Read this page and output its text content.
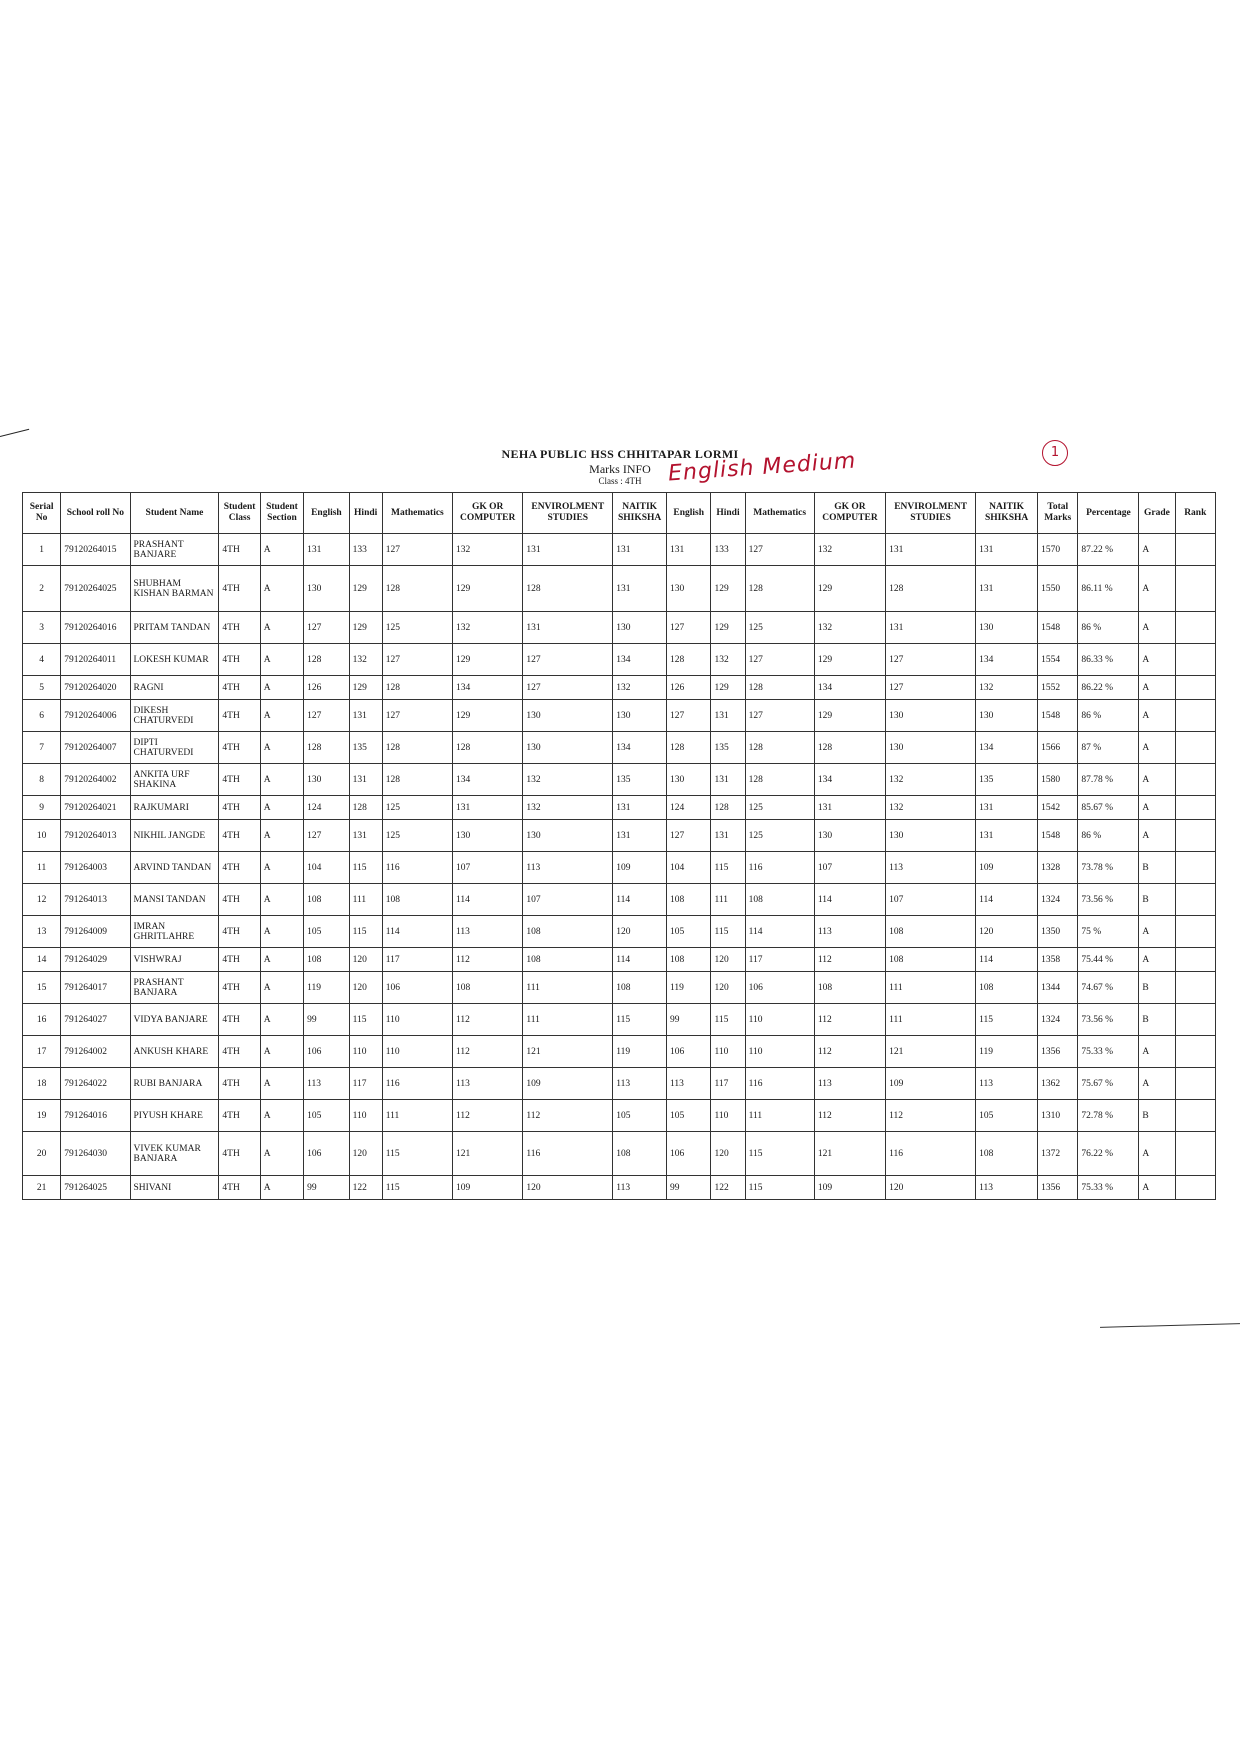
NEHA PUBLIC HSS CHHITAPAR LORMI
Marks INFO
Class : 4TH	English Medium	1
Serial No	School roll No	Student Name	Student Class	Student Section	English	Hindi	Mathematics	GK OR COMPUTER	ENVIROLMENT STUDIES	NAITIK SHIKSHA	English	Hindi	Mathematics	GK OR COMPUTER	ENVIROLMENT STUDIES	NAITIK SHIKSHA	Total Marks	Percentage	Grade	Rank
1	79120264015	PRASHANT BANJARE	4TH	A	131	133	127	132	131	131	131	133	127	132	131	131	1570	87.22 %	A	
2	79120264025	SHUBHAM KISHAN BARMAN	4TH	A	130	129	128	129	128	131	130	129	128	129	128	131	1550	86.11 %	A	
3	79120264016	PRITAM TANDAN	4TH	A	127	129	125	132	131	130	127	129	125	132	131	130	1548	86 %	A	
4	79120264011	LOKESH KUMAR	4TH	A	128	132	127	129	127	134	128	132	127	129	127	134	1554	86.33 %	A	
5	79120264020	RAGNI	4TH	A	126	129	128	134	127	132	126	129	128	134	127	132	1552	86.22 %	A	
6	79120264006	DIKESH CHATURVEDI	4TH	A	127	131	127	129	130	130	127	131	127	129	130	130	1548	86 %	A	
7	79120264007	DIPTI CHATURVEDI	4TH	A	128	135	128	128	130	134	128	135	128	128	130	134	1566	87 %	A	
8	79120264002	ANKITA URF SHAKINA	4TH	A	130	131	128	134	132	135	130	131	128	134	132	135	1580	87.78 %	A	
9	79120264021	RAJKUMARI	4TH	A	124	128	125	131	132	131	124	128	125	131	132	131	1542	85.67 %	A	
10	79120264013	NIKHIL JANGDE	4TH	A	127	131	125	130	130	131	127	131	125	130	130	131	1548	86 %	A	
11	791264003	ARVIND TANDAN	4TH	A	104	115	116	107	113	109	104	115	116	107	113	109	1328	73.78 %	B	
12	791264013	MANSI TANDAN	4TH	A	108	111	108	114	107	114	108	111	108	114	107	114	1324	73.56 %	B	
13	791264009	IMRAN GHRITLAHRE	4TH	A	105	115	114	113	108	120	105	115	114	113	108	120	1350	75 %	A	
14	791264029	VISHWRAJ	4TH	A	108	120	117	112	108	114	108	120	117	112	108	114	1358	75.44 %	A	
15	791264017	PRASHANT BANJARA	4TH	A	119	120	106	108	111	108	119	120	106	108	111	108	1344	74.67 %	B	
16	791264027	VIDYA BANJARE	4TH	A	99	115	110	112	111	115	99	115	110	112	111	115	1324	73.56 %	B	
17	791264002	ANKUSH KHARE	4TH	A	106	110	110	112	121	119	106	110	110	112	121	119	1356	75.33 %	A	
18	791264022	RUBI BANJARA	4TH	A	113	117	116	113	109	113	113	117	116	113	109	113	1362	75.67 %	A	
19	791264016	PIYUSH KHARE	4TH	A	105	110	111	112	112	105	105	110	111	112	112	105	1310	72.78 %	B	
20	791264030	VIVEK KUMAR BANJARA	4TH	A	106	120	115	121	116	108	106	120	115	121	116	108	1372	76.22 %	A	
21	791264025	SHIVANI	4TH	A	99	122	115	109	120	113	99	122	115	109	120	113	1356	75.33 %	A	
